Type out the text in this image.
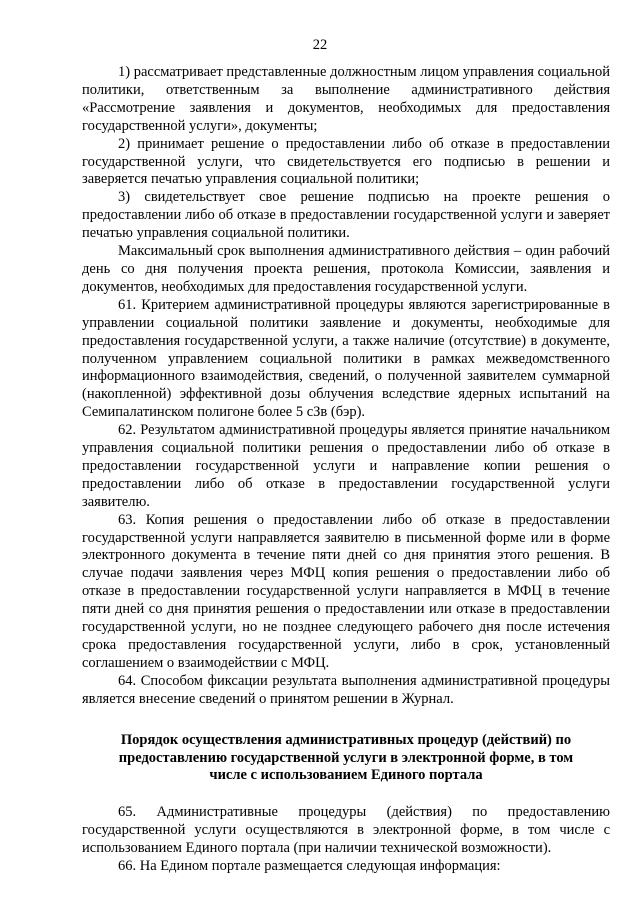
22

1) рассматривает представленные должностным лицом управления социальной политики, ответственным за выполнение административного действия «Рассмотрение заявления и документов, необходимых для предоставления государственной услуги», документы;

2) принимает решение о предоставлении либо об отказе в предоставлении государственной услуги, что свидетельствуется его подписью в решении и заверяется печатью управления социальной политики;

3) свидетельствует свое решение подписью на проекте решения о предоставлении либо об отказе в предоставлении государственной услуги и заверяет печатью управления социальной политики.

Максимальный срок выполнения административного действия – один рабочий день со дня получения проекта решения, протокола Комиссии, заявления и документов, необходимых для предоставления государственной услуги.

61. Критерием административной процедуры являются зарегистрированные в управлении социальной политики заявление и документы, необходимые для предоставления государственной услуги, а также наличие (отсутствие) в документе, полученном управлением социальной политики в рамках межведомственного информационного взаимодействия, сведений, о полученной заявителем суммарной (накопленной) эффективной дозы облучения вследствие ядерных испытаний на Семипалатинском полигоне более 5 сЗв (бэр).

62. Результатом административной процедуры является принятие начальником управления социальной политики решения о предоставлении либо об отказе в предоставлении государственной услуги и направление копии решения о предоставлении либо об отказе в предоставлении государственной услуги заявителю.

63. Копия решения о предоставлении либо об отказе в предоставлении государственной услуги направляется заявителю в письменной форме или в форме электронного документа в течение пяти дней со дня принятия этого решения. В случае подачи заявления через МФЦ копия решения о предоставлении либо об отказе в предоставлении государственной услуги направляется в МФЦ в течение пяти дней со дня принятия решения о предоставлении или отказе в предоставлении государственной услуги, но не позднее следующего рабочего дня после истечения срока предоставления государственной услуги, либо в срок, установленный соглашением о взаимодействии с МФЦ.

64. Способом фиксации результата выполнения административной процедуры является внесение сведений о принятом решении в Журнал.

Порядок осуществления административных процедур (действий) по предоставлению государственной услуги в электронной форме, в том числе с использованием Единого портала

65. Административные процедуры (действия) по предоставлению государственной услуги осуществляются в электронной форме, в том числе с использованием Единого портала (при наличии технической возможности).

66. На Едином портале размещается следующая информация:
